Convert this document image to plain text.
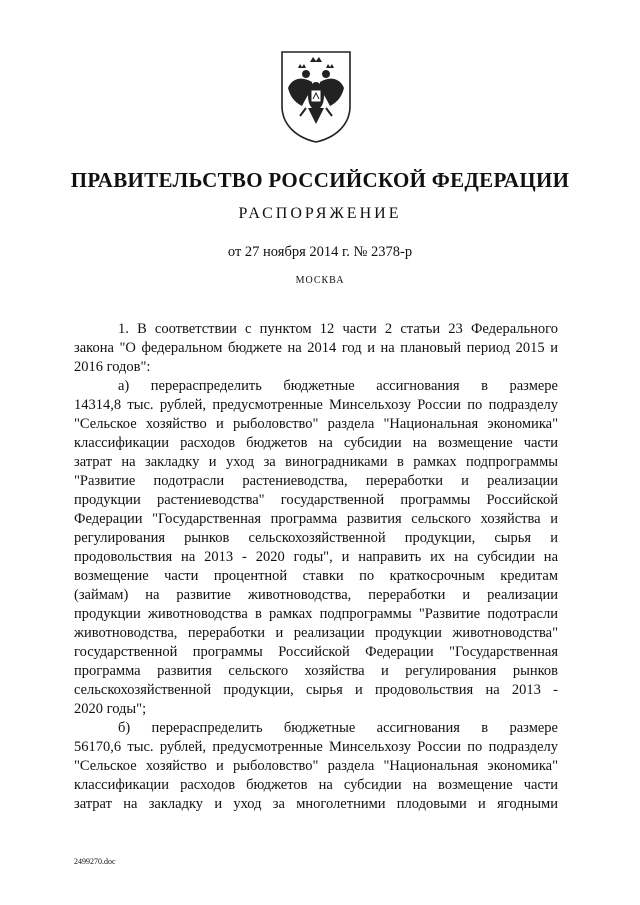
ПРАВИТЕЛЬСТВО РОССИЙСКОЙ ФЕДЕРАЦИИ
РАСПОРЯЖЕНИЕ
от 27 ноября 2014 г. № 2378-р
МОСКВА
1. В соответствии с пунктом 12 части 2 статьи 23 Федерального
закона "О федеральном бюджете на 2014 год и на плановый период 2015 и
2016 годов":
а) перераспределить бюджетные ассигнования в размере
14314,8 тыс. рублей, предусмотренные Минсельхозу России по подразделу
"Сельское хозяйство и рыболовство" раздела "Национальная экономика"
классификации расходов бюджетов на субсидии на возмещение части
затрат на закладку и уход за виноградниками в рамках подпрограммы
"Развитие подотрасли растениеводства, переработки и реализации
продукции растениеводства" государственной программы Российской
Федерации "Государственная программа развития сельского хозяйства и
регулирования рынков сельскохозяйственной продукции, сырья и
продовольствия на 2013 - 2020 годы", и направить их на субсидии на
возмещение части процентной ставки по краткосрочным кредитам
(займам) на развитие животноводства, переработки и реализации
продукции животноводства в рамках подпрограммы "Развитие подотрасли
животноводства, переработки и реализации продукции животноводства"
государственной программы Российской Федерации "Государственная
программа развития сельского хозяйства и регулирования рынков
сельскохозяйственной продукции, сырья и продовольствия на 2013 -
2020 годы";
б) перераспределить бюджетные ассигнования в размере
56170,6 тыс. рублей, предусмотренные Минсельхозу России по подразделу
"Сельское хозяйство и рыболовство" раздела "Национальная экономика"
классификации расходов бюджетов на субсидии на возмещение части
затрат на закладку и уход за многолетними плодовыми и ягодными
2499270.doc
